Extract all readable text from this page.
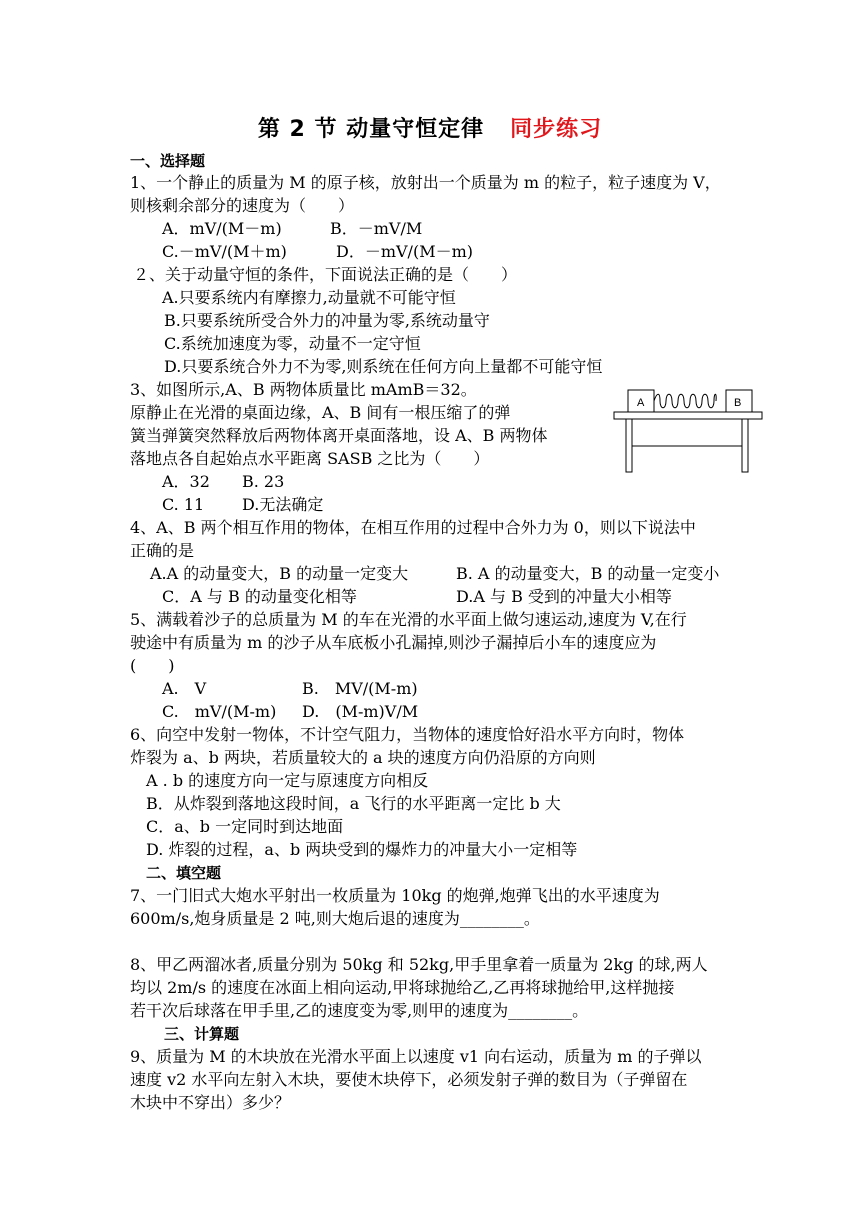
第 2 节 动量守恒定律 同步练习
一、选择题
1、一个静止的质量为 M 的原子核，放射出一个质量为 m 的粒子，粒子速度为 V，
则核剩余部分的速度为（　　）
A．mV/(M－m)	B．－mV/M
C.－mV/(M＋m)	D．－mV/(M－m)
２、关于动量守恒的条件，下面说法正确的是（　　）
A.只要系统内有摩擦力,动量就不可能守恒
B.只要系统所受合外力的冲量为零,系统动量守
C.系统加速度为零，动量不一定守恒
D.只要系统合外力不为零,则系统在任何方向上量都不可能守恒
3、如图所示,A、B 两物体质量比 mAmB＝32。
原静止在光滑的桌面边缘，A、B 间有一根压缩了的弹
簧当弹簧突然释放后两物体离开桌面落地，设 A、B 两物体
落地点各自起始点水平距离 SASB 之比为（　　）
A．32 B. 23
C. 11 D.无法确定
A	B
4、A、B 两个相互作用的物体，在相互作用的过程中合外力为 0，则以下说法中
正确的是
A.A 的动量变大，B 的动量一定变大	B. A 的动量变大，B 的动量一定变小
C．A 与 B 的动量变化相等	D.A 与 B 受到的冲量大小相等
5、满载着沙子的总质量为 M 的车在光滑的水平面上做匀速运动,速度为 V,在行
驶途中有质量为 m 的沙子从车底板小孔漏掉,则沙子漏掉后小车的速度应为
(　　)
A.　V	B.　MV/(M-m)
C.　mV/(M-m) D.　(M-m)V/M
6、向空中发射一物体，不计空气阻力，当物体的速度恰好沿水平方向时，物体
炸裂为 a、b 两块，若质量较大的 a 块的速度方向仍沿原的方向则
A . b 的速度方向一定与原速度方向相反
B．从炸裂到落地这段时间，a 飞行的水平距离一定比 b 大
C．a、b 一定同时到达地面
D. 炸裂的过程，a、b 两块受到的爆炸力的冲量大小一定相等
二、填空题
7、一门旧式大炮水平射出一枚质量为 10kg 的炮弹,炮弹飞出的水平速度为
600m/s,炮身质量是 2 吨,则大炮后退的速度为________。
8、甲乙两溜冰者,质量分别为 50kg 和 52kg,甲手里拿着一质量为 2kg 的球,两人
均以 2m/s 的速度在冰面上相向运动,甲将球抛给乙,乙再将球抛给甲,这样抛接
若干次后球落在甲手里,乙的速度变为零,则甲的速度为________。
三、计算题
9、质量为 M 的木块放在光滑水平面上以速度 v1 向右运动，质量为 m 的子弹以
速度 v2 水平向左射入木块，要使木块停下，必须发射子弹的数目为（子弹留在
木块中不穿出）多少？
